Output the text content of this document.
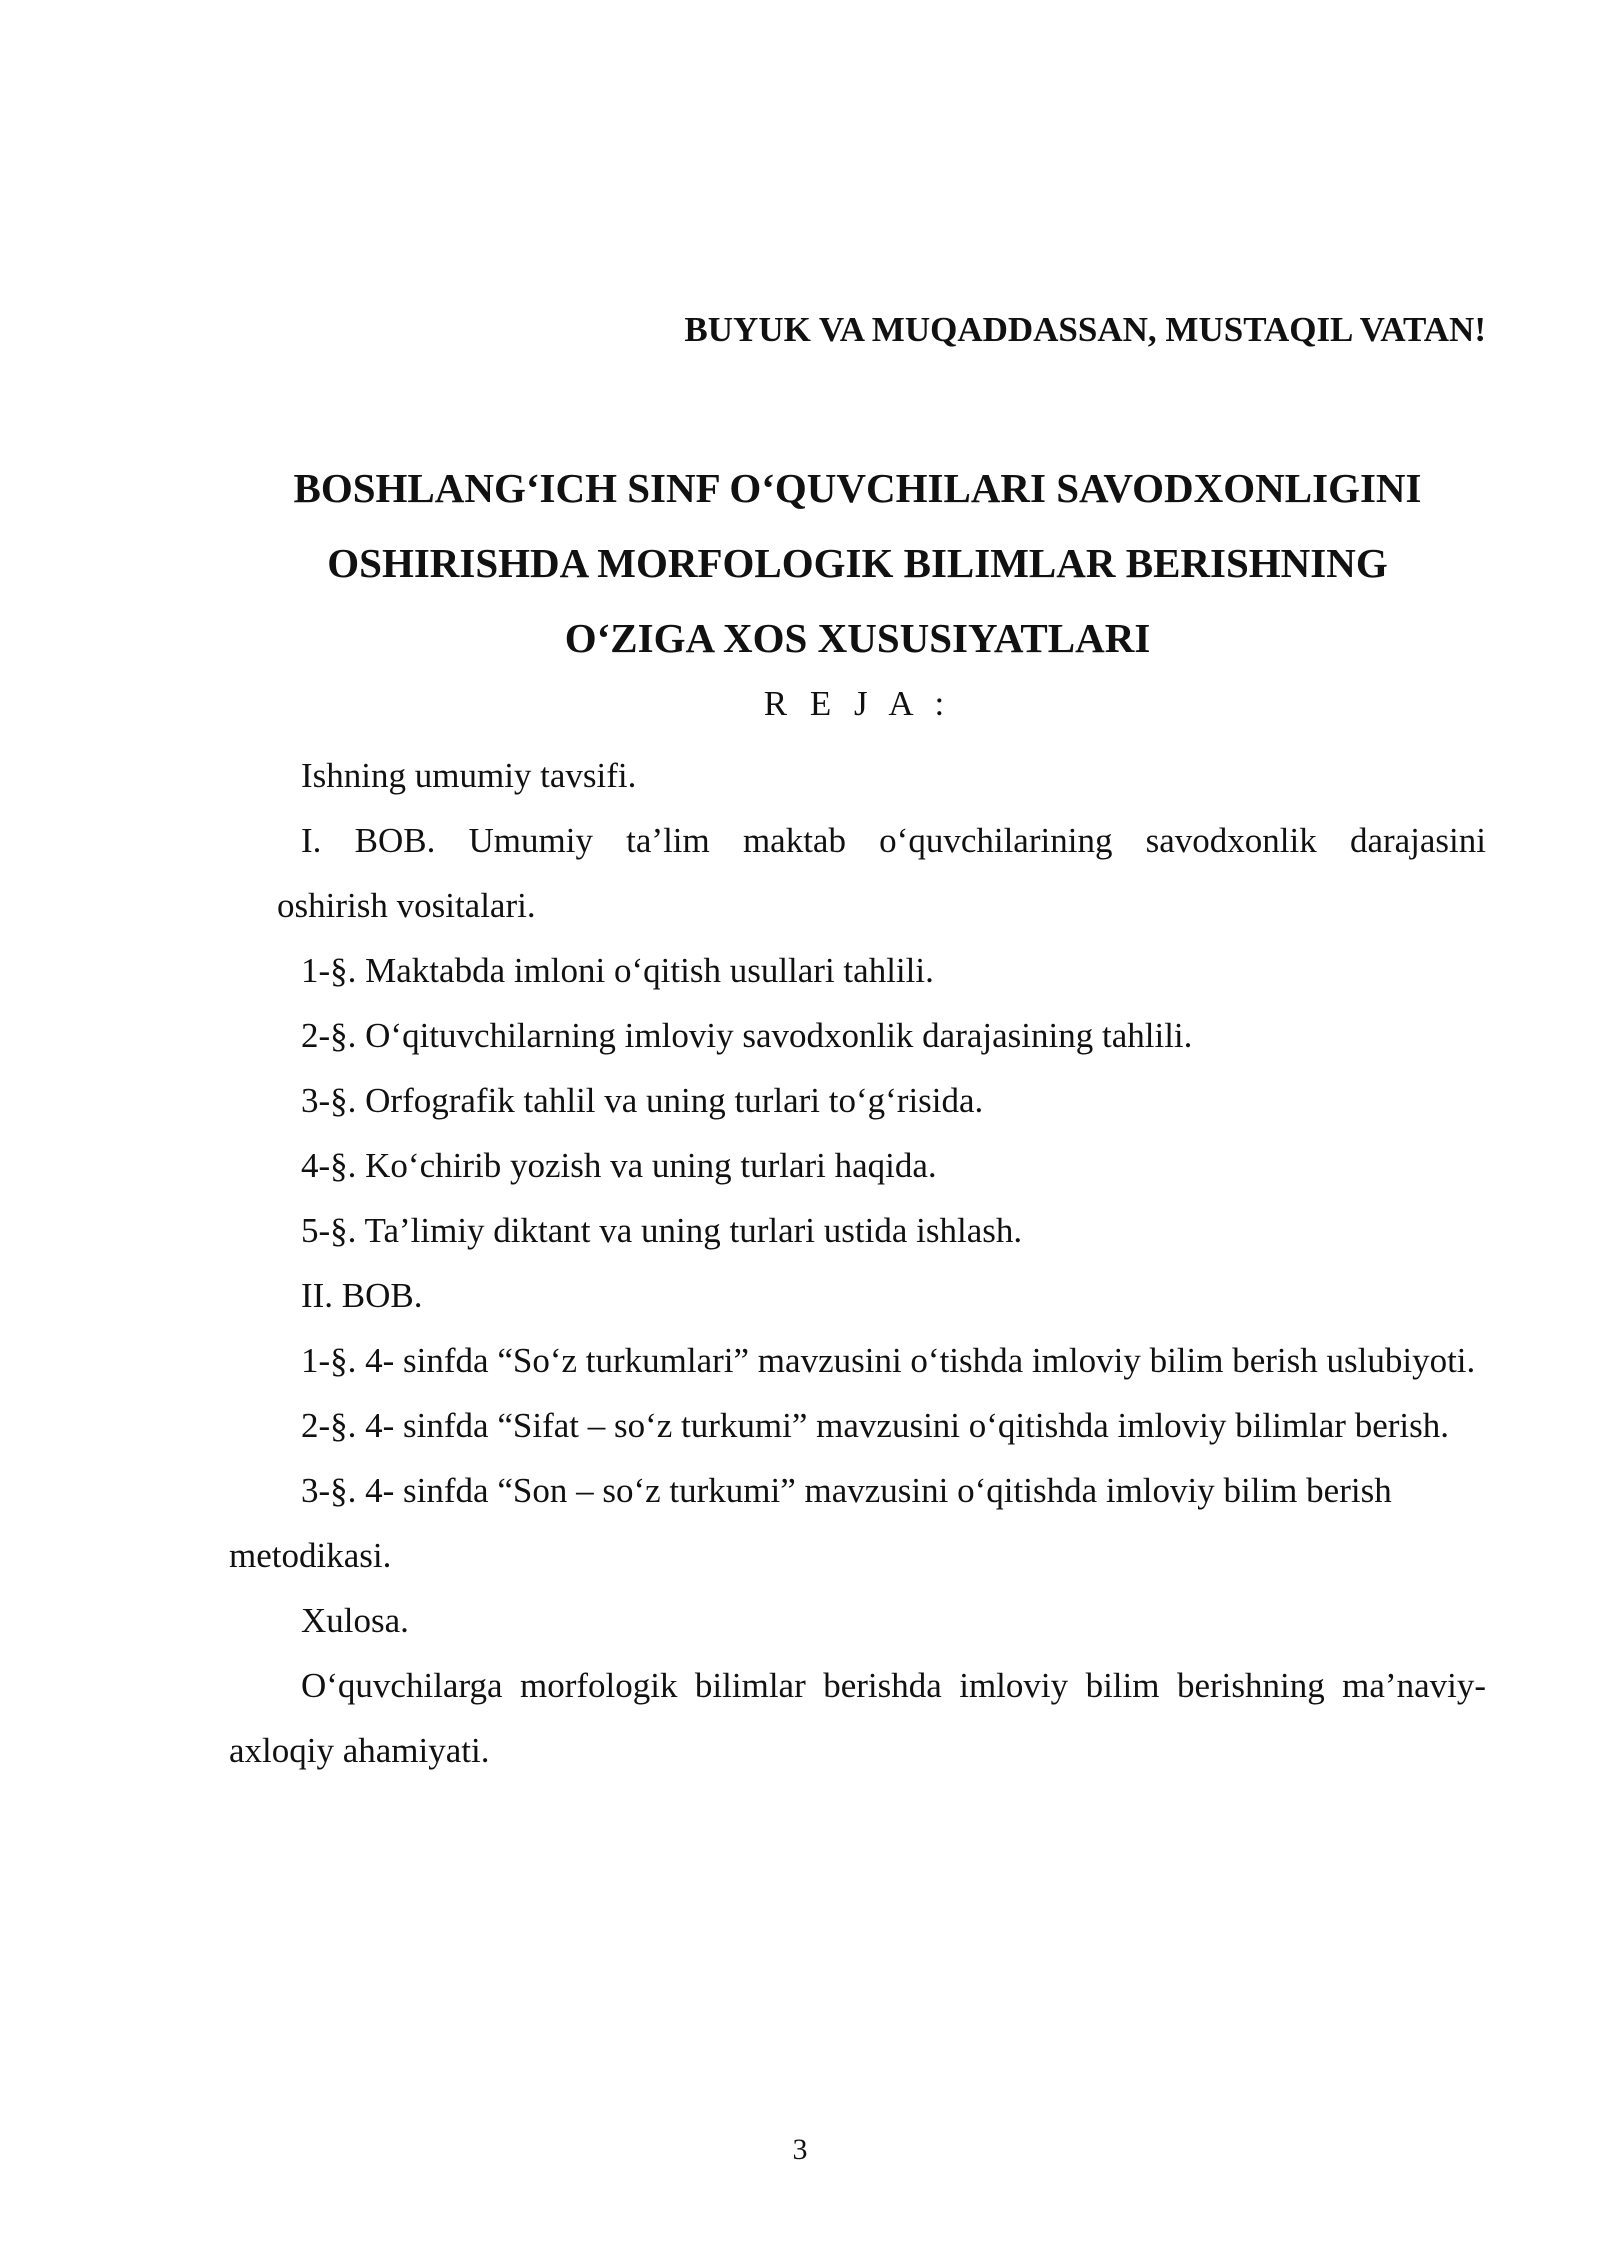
BUYUK VA MUQADDASSAN, MUSTAQIL VATAN!
BOSHLANG‘ICH SINF O‘QUVCHILARI SAVODXONLIGINI
OSHIRISHDA MORFOLOGIK BILIMLAR BERISHNING
O‘ZIGA XOS XUSUSIYATLARI
R E J A :

Ishning umumiy tavsifi.

I. BOB. Umumiy ta’lim maktab o‘quvchilarining savodxonlik darajasini
oshirish vositalari.

1-§. Maktabda imloni o‘qitish usullari tahlili.

2-§. O‘qituvchilarning imloviy savodxonlik darajasining tahlili.

3-§. Orfografik tahlil va uning turlari to‘g‘risida.

4-§. Ko‘chirib yozish va uning turlari haqida.

5-§. Ta’limiy diktant va uning turlari ustida ishlash.

II. BOB.

1-§. 4- sinfda “So‘z turkumlari” mavzusini o‘tishda imloviy bilim berish uslubiyoti.

2-§. 4- sinfda “Sifat – so‘z turkumi” mavzusini o‘qitishda imloviy bilimlar berish.

3-§. 4- sinfda “Son – so‘z turkumi” mavzusini o‘qitishda imloviy bilim berish metodikasi.

Xulosa.

O‘quvchilarga morfologik bilimlar berishda imloviy bilim berishning ma’naviy-axloqiy ahamiyati.

3
